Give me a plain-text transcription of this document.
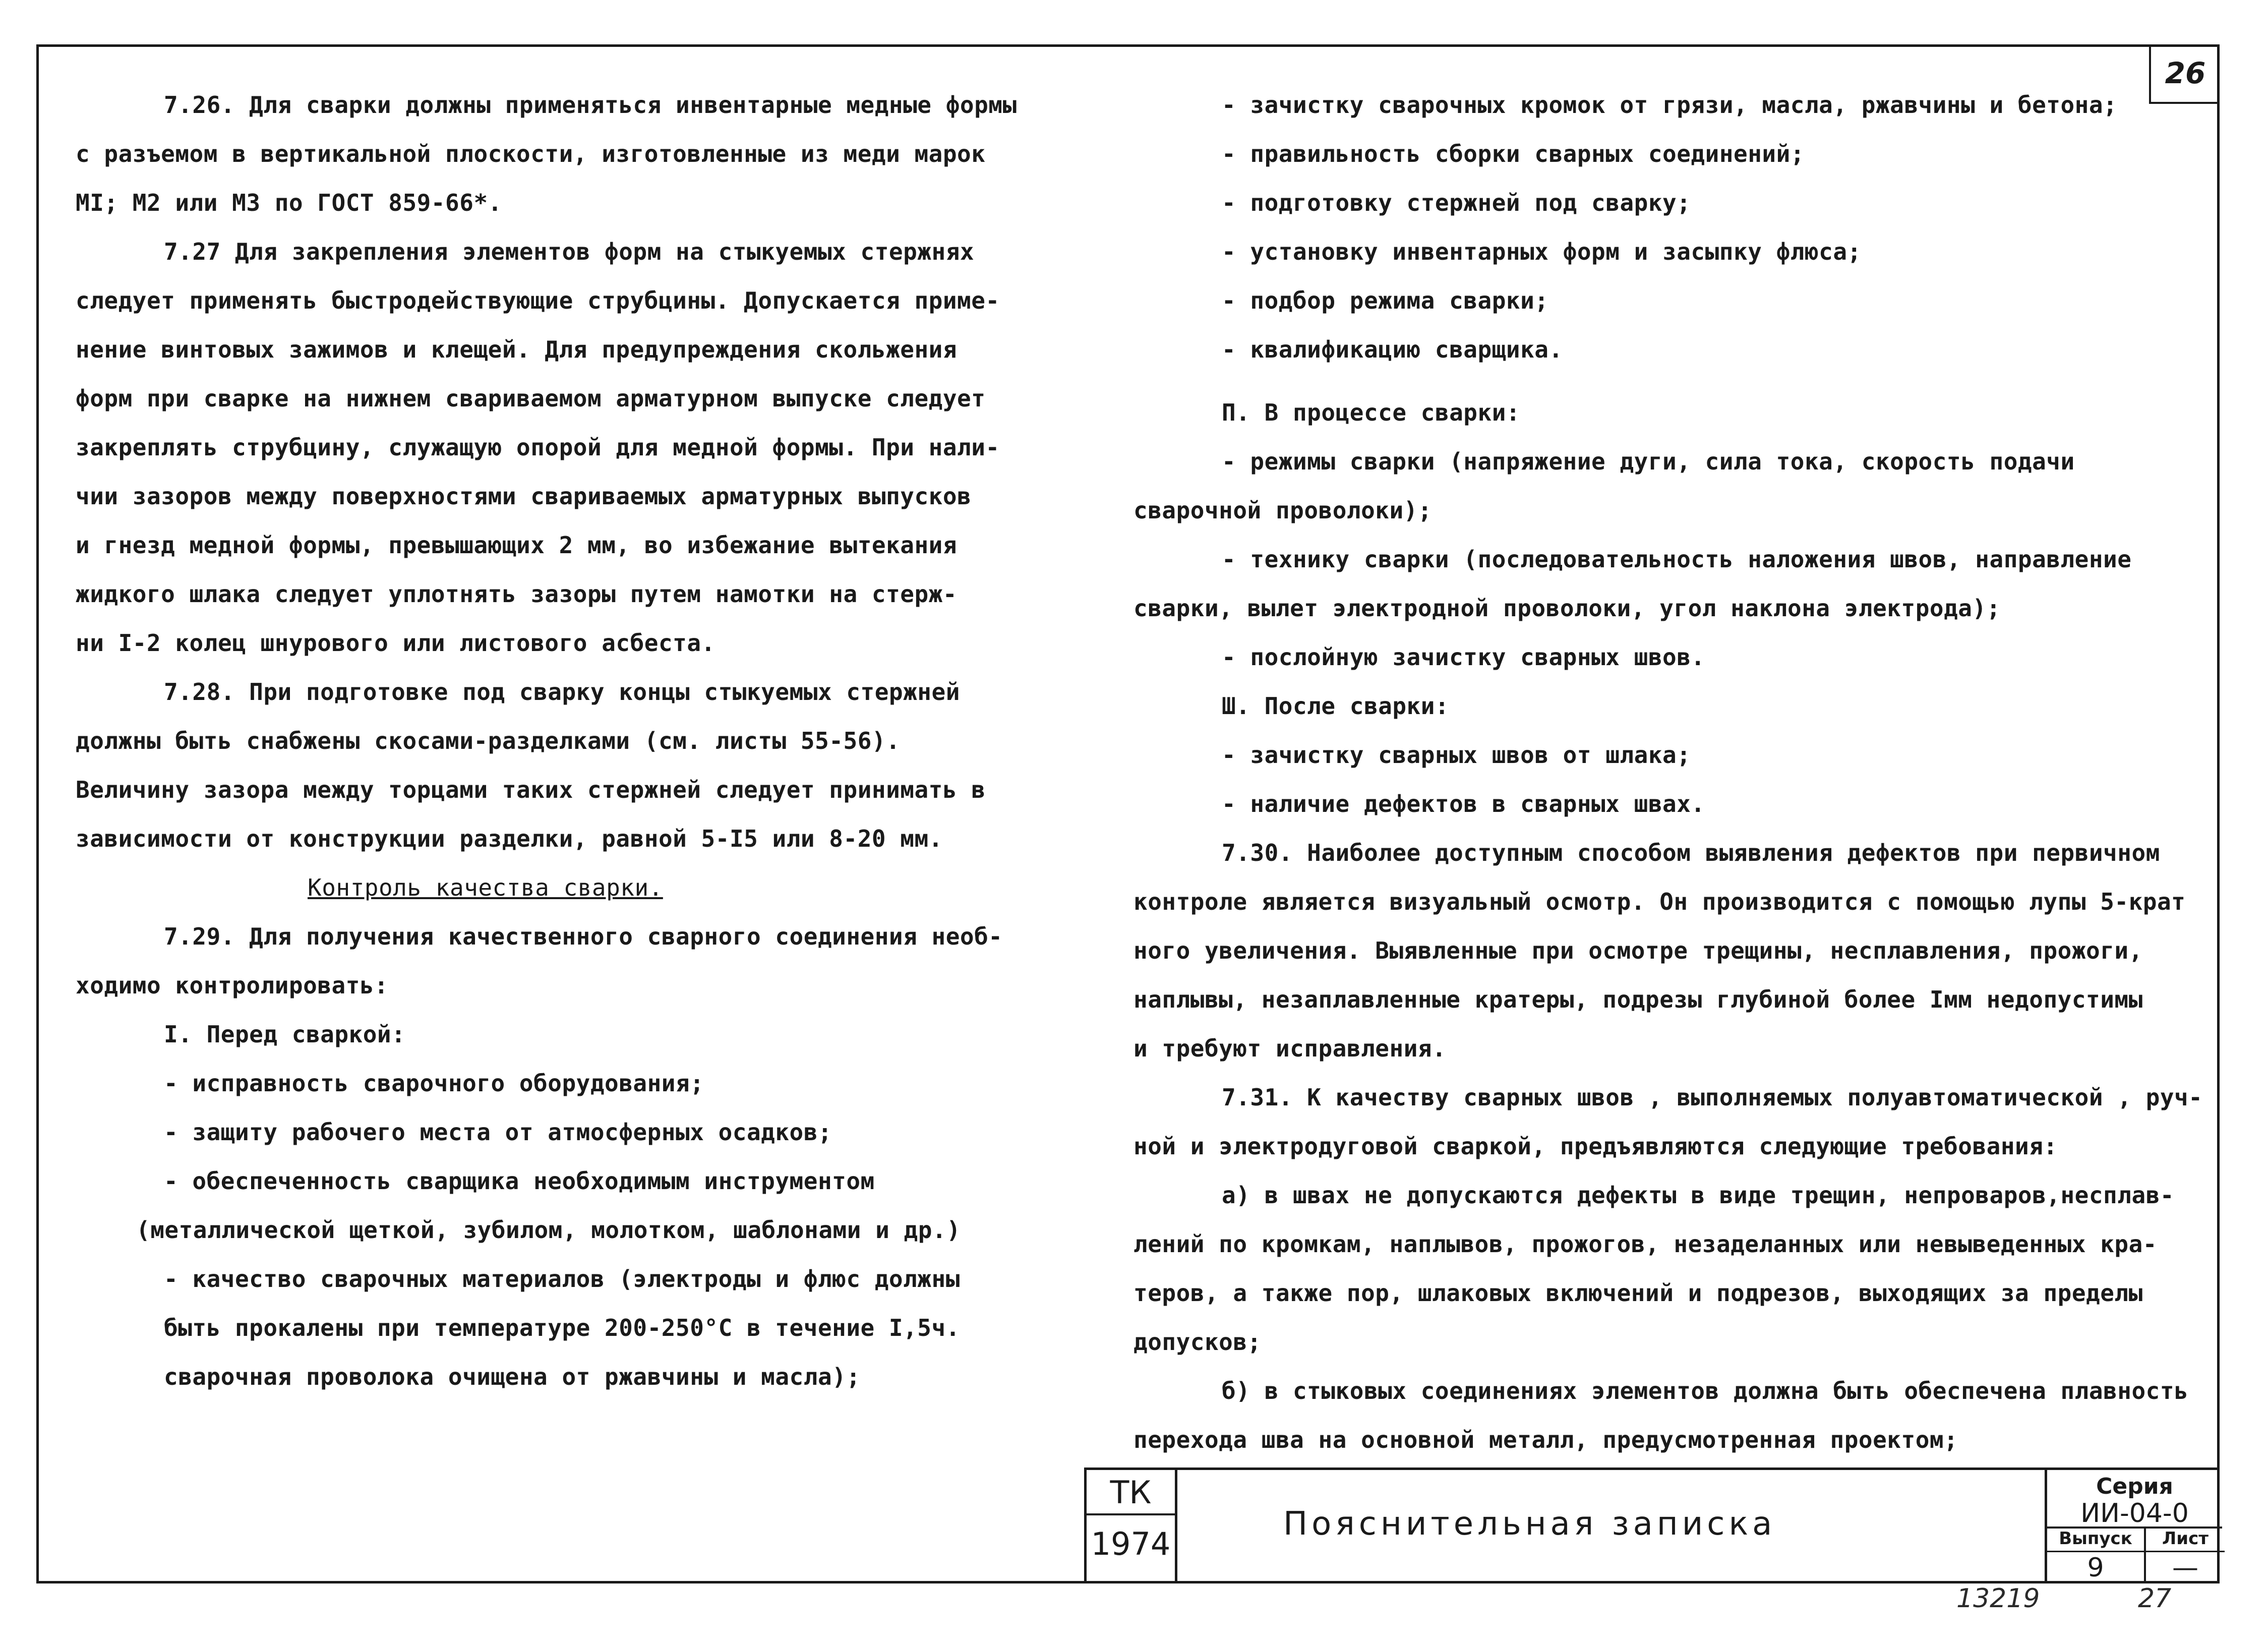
26
7.26. Для сварки должны применяться инвентарные медные формы
с разъемом в вертикальной плоскости, изготовленные из меди марок
МI; М2 или М3 по ГОСТ 859-66*.
7.27 Для закрепления элементов форм на стыкуемых стержнях
следует применять быстродействующие струбцины. Допускается приме-
нение винтовых зажимов и клещей. Для предупреждения скольжения
форм при сварке на нижнем свариваемом арматурном выпуске следует
закреплять струбцину, служащую опорой для медной формы. При нали-
чии зазоров между поверхностями свариваемых арматурных выпусков
и гнезд медной формы, превышающих 2 мм, во избежание вытекания
жидкого шлака следует уплотнять зазоры путем намотки на стерж-
ни I-2 колец шнурового или листового асбеста.
7.28. При подготовке под сварку концы стыкуемых стержней
должны быть снабжены скосами-разделками (см. листы 55-56).
Величину зазора между торцами таких стержней следует принимать в
зависимости от конструкции разделки, равной 5-I5 или 8-20 мм.
Контроль качества сварки.
7.29. Для получения качественного сварного соединения необ-
ходимо контролировать:
I. Перед сваркой:
- исправность сварочного оборудования;
- защиту рабочего места от атмосферных осадков;
- обеспеченность сварщика необходимым инструментом
(металлической щеткой, зубилом, молотком, шаблонами и др.)
- качество сварочных материалов (электроды и флюс должны
быть прокалены при температуре 200-250°С в течение I,5ч.
сварочная проволока очищена от ржавчины и масла);
- зачистку сварочных кромок от грязи, масла, ржавчины и бетона;
- правильность сборки сварных соединений;
- подготовку стержней под сварку;
- установку инвентарных форм и засыпку флюса;
- подбор режима сварки;
- квалификацию сварщика.
П. В процессе сварки:
- режимы сварки (напряжение дуги, сила тока, скорость подачи
сварочной проволоки);
- технику сварки (последовательность наложения швов, направление
сварки, вылет электродной проволоки, угол наклона электрода);
- послойную зачистку сварных швов.
Ш. После сварки:
- зачистку сварных швов от шлака;
- наличие дефектов в сварных швах.
7.30. Наиболее доступным способом выявления дефектов при первичном
контроле является визуальный осмотр. Он производится с помощью лупы 5-крат
ного увеличения. Выявленные при осмотре трещины, несплавления, прожоги,
наплывы, незаплавленные кратеры, подрезы глубиной более Iмм недопустимы
и требуют исправления.
7.31. К качеству сварных швов , выполняемых полуавтоматической , руч-
ной и электродуговой сваркой, предъявляются следующие требования:
а) в швах не допускаются дефекты в виде трещин, непроваров,несплав-
лений по кромкам, наплывов, прожогов, незаделанных или невыведенных кра-
теров, а также пор, шлаковых включений и подрезов, выходящих за пределы
допусков;
б) в стыковых соединениях элементов должна быть обеспечена плавность
перехода шва на основной металл, предусмотренная проектом;
ТК
1974
Пояснительная записка
Серия
ИИ-04-0
Выпуск
9
Лист
—
13219	27
